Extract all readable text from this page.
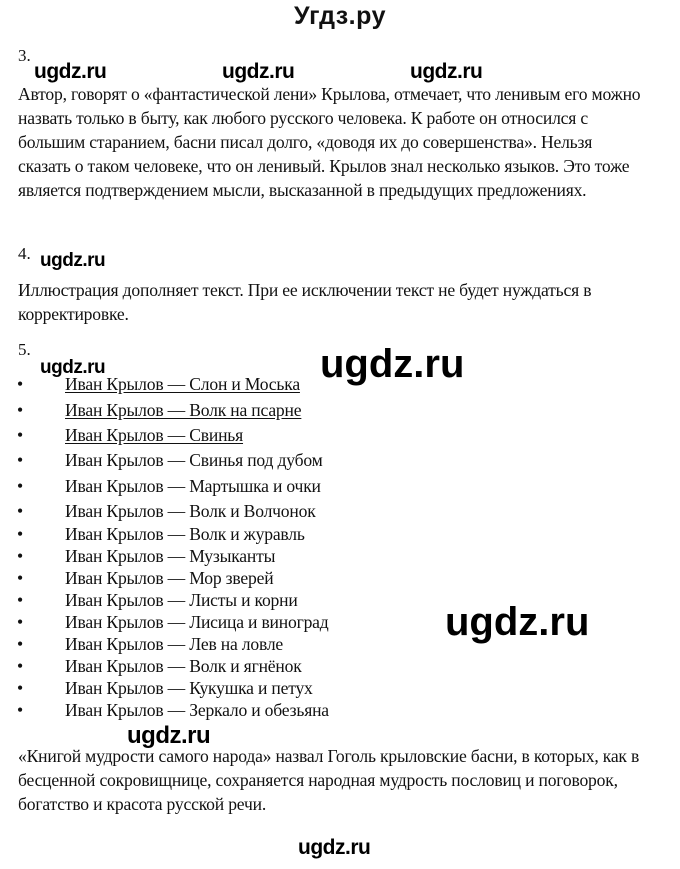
Угдз.ру
3.
ugdz.ru	ugdz.ru	ugdz.ru
Автор, говорят о «фантастической лени» Крылова, отмечает, что ленивым его можно назвать только в быту, как любого русского человека. К работе он относился с большим старанием, басни писал долго, «доводя их до совершенства». Нельзя сказать о таком человеке, что он ленивый. Крылов знал несколько языков. Это тоже является подтверждением мысли, высказанной в предыдущих предложениях.
4. ugdz.ru
Иллюстрация дополняет текст. При ее исключении текст не будет нуждаться в корректировке.
5.
ugdz.ru	ugdz.ru
• Иван Крылов — Слон и Моська
• Иван Крылов — Волк на псарне
• Иван Крылов — Свинья
• Иван Крылов — Свинья под дубом
• Иван Крылов — Мартышка и очки
• Иван Крылов — Волк и Волчонок
• Иван Крылов — Волк и журавль
• Иван Крылов — Музыканты
• Иван Крылов — Мор зверей
• Иван Крылов — Листы и корни
• Иван Крылов — Лисица и виноград
• Иван Крылов — Лев на ловле
• Иван Крылов — Волк и ягнёнок
• Иван Крылов — Кукушка и петух
• Иван Крылов — Зеркало и обезьяна
ugdz.ru
ugdz.ru
«Книгой мудрости самого народа» назвал Гоголь крыловские басни, в которых, как в бесценной сокровищнице, сохраняется народная мудрость пословиц и поговорок, богатство и красота русской речи.
ugdz.ru
